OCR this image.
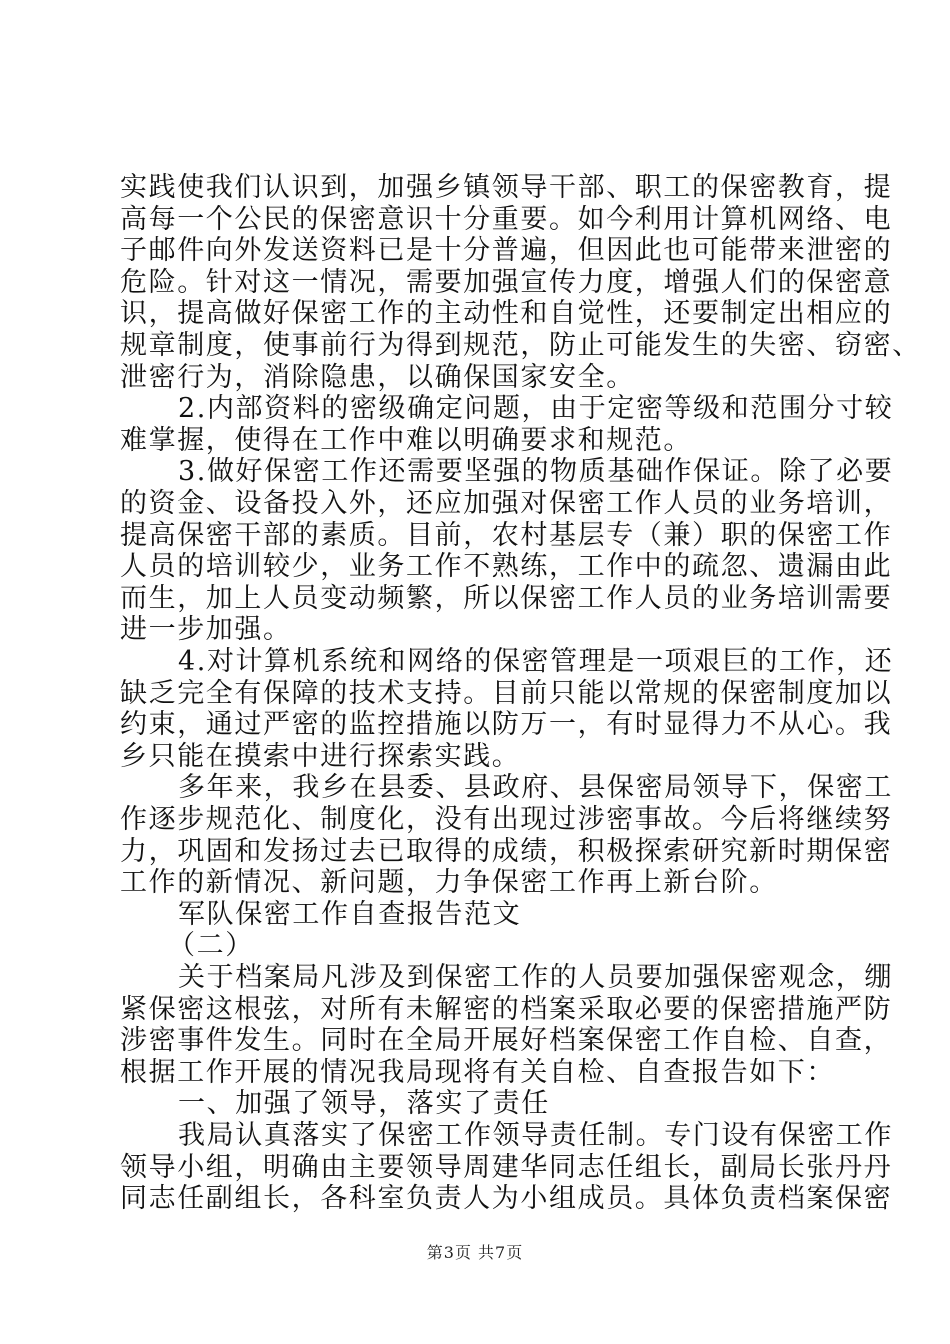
实践使我们认识到，加强乡镇领导干部、职工的保密教育，提
高每一个公民的保密意识十分重要。如今利用计算机网络、电
子邮件向外发送资料已是十分普遍，但因此也可能带来泄密的
危险。针对这一情况，需要加强宣传力度，增强人们的保密意
识，提高做好保密工作的主动性和自觉性，还要制定出相应的
规章制度，使事前行为得到规范，防止可能发生的失密、窃密、
泄密行为，消除隐患，以确保国家安全。
2.内部资料的密级确定问题，由于定密等级和范围分寸较
难掌握，使得在工作中难以明确要求和规范。
3.做好保密工作还需要坚强的物质基础作保证。除了必要
的资金、设备投入外，还应加强对保密工作人员的业务培训，
提高保密干部的素质。目前，农村基层专（兼）职的保密工作
人员的培训较少，业务工作不熟练，工作中的疏忽、遗漏由此
而生，加上人员变动频繁，所以保密工作人员的业务培训需要
进一步加强。
4.对计算机系统和网络的保密管理是一项艰巨的工作，还
缺乏完全有保障的技术支持。目前只能以常规的保密制度加以
约束，通过严密的监控措施以防万一，有时显得力不从心。我
乡只能在摸索中进行探索实践。
多年来，我乡在县委、县政府、县保密局领导下，保密工
作逐步规范化、制度化，没有出现过涉密事故。今后将继续努
力，巩固和发扬过去已取得的成绩，积极探索研究新时期保密
工作的新情况、新问题，力争保密工作再上新台阶。
军队保密工作自查报告范文
（二）
关于档案局凡涉及到保密工作的人员要加强保密观念，绷
紧保密这根弦，对所有未解密的档案采取必要的保密措施严防
涉密事件发生。同时在全局开展好档案保密工作自检、自查，
根据工作开展的情况我局现将有关自检、自查报告如下：
一、加强了领导，落实了责任
我局认真落实了保密工作领导责任制。专门设有保密工作
领导小组，明确由主要领导周建华同志任组长，副局长张丹丹
同志任副组长，各科室负责人为小组成员。具体负责档案保密
第3页 共7页
